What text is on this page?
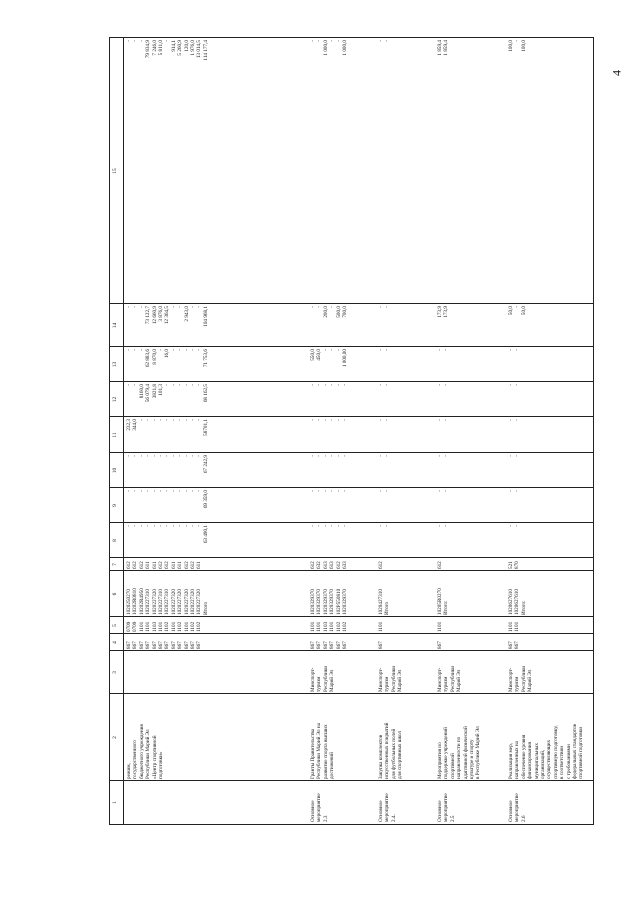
4
1
2
3
4
5
6
7
8
9
10
11
12
13
14
15
режим,
государственного
бюджетного учреждения
Республики Марий Эл
«Центр спортивной
подготовки»
867
867
867
867
867
867
867
867
867
867
867
867
0709
0709
1101
1101
1103
1101
1102
1101
1102
1101
1102
1102
1020250270
10202R0810
10202R4950
1020227310
1020227320
1020227310
1020227310
1020227320
1020227320
1020227320
1020227320
1020227320
Итого
612
612
612
611
611
612
612
611
611
612
612
611
-
-
-
-
-
-
-
-
-
-
-
-
63 490,1
-
-
-
-
-
-
-
-
-
-
-
-
69 359,0
-
-
-
-
-
-
-
-
-
-
-
-
67 242,9
232,3
344,0
-
-
-
-
-
-
-
-
-
-
58701,1
-
-
8160,0
56 079,4
3821,8
101,3
-
-
-
-
-
-
68 162,5
-
-
-
62 883,6
8 870,0
-
16,0
-
-
-
-
-
71 753,6
-
-
-
73 122,7
12 660,9
3 876,0
12 364,5
-
-
2 943,0
-
-
104 968,1
-
-
-
79 834,9
7 246,0
5 811,0
-
914,1
5 260,9
120,0
1 976,0
13 014,5
114 177,4
Основное
мероприятие
2.3
Гранты Правительства
Республики Марий Эл на
развитие спорта высших
достижений
Минспорт-
туризм
Республики
Марий Эл
867
867
867
867
867
867
1101
1101
1103
1101
1102
1102
1020329370
1020329370
1020329370
1020329370
102Р550810
1020329370
612
632
613
613
612
633
-
-
-
-
-
-
-
-
-
-
-
-
-
-
-
-
-
-
-
-
-
-
-
-
-
-
-
-
-
-
550,0
450,0
-
-
-
1 000,00
-
-
200,0
-
500,0
700,0
-
-
1 000,0
-
-
1 000,0
Основное
мероприятие
2.4.
Закупка комплектов
искусственных покрытий
для футбольных полей
для спортивных школ
Минспорт-
туризм
Республики
Марий Эл
867
1101
1020427310
Итого
612
-
-
-
-
-
-
-
-
-
-
-
-
-
-
-
-
Основное
мероприятие
2.5
Мероприятия по
поддержке учреждений
спортивной
направленности по
адаптивной физической
культуре и спорту
в Республике Марий Эл
Минспорт-
туризм
Республики
Марий Эл
867
1101
10205R0270
Итого:
612
-
-
-
-
-
-
-
-
-
-
-
-
173,9
173,9
1 859,4
1 859,4
Основное
мероприятие
2.6
Реализация мер,
направленных на
обеспечение уровня
финансирования
муниципальных
организаций,
осуществляющих
спортивную подготовку,
в соответствии
с требованиями
федеральных стандартов
спортивной подготовки
Минспорт-
туризм
Республики
Марий Эл
867
867
1101
1101
1020627610
1020627610
Итого:
521
870
-
-
-
-
-
-
-
-
-
-
-
-
50,0
-
50,0
100,0
-
100,0
